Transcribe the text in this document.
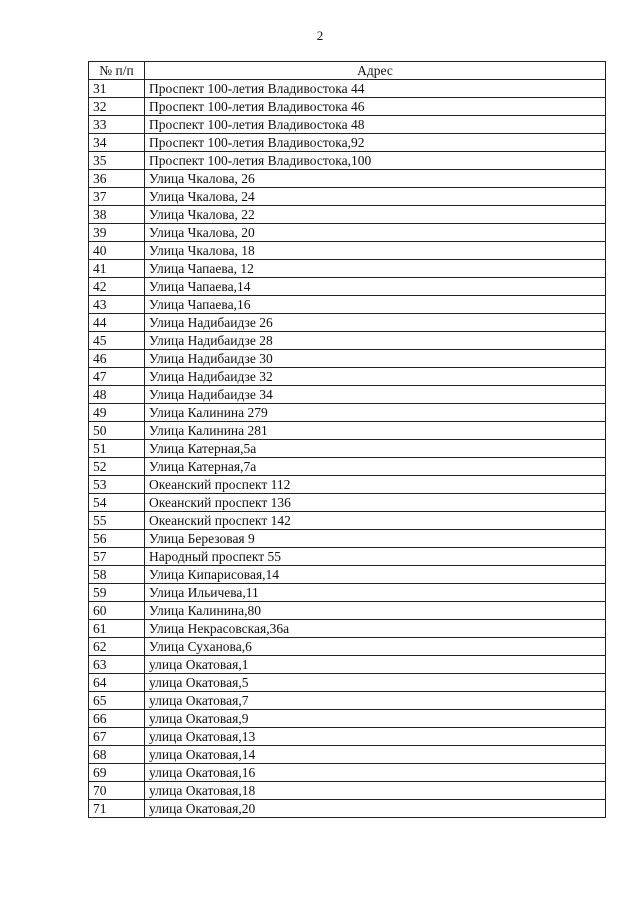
2
№ п/п	Адрес
31	Проспект 100-летия Владивостока 44
32	Проспект 100-летия Владивостока 46
33	Проспект 100-летия Владивостока 48
34	Проспект 100-летия Владивостока,92
35	Проспект 100-летия Владивостока,100
36	Улица Чкалова, 26
37	Улица Чкалова, 24
38	Улица Чкалова, 22
39	Улица Чкалова, 20
40	Улица Чкалова, 18
41	Улица Чапаева, 12
42	Улица Чапаева,14
43	Улица Чапаева,16
44	Улица Надибаидзе 26
45	Улица Надибаидзе 28
46	Улица Надибаидзе 30
47	Улица Надибаидзе 32
48	Улица Надибаидзе 34
49	Улица Калинина 279
50	Улица Калинина 281
51	Улица Катерная,5а
52	Улица Катерная,7а
53	Океанский проспект 112
54	Океанский проспект 136
55	Океанский проспект 142
56	Улица Березовая 9
57	Народный проспект 55
58	Улица Кипарисовая,14
59	Улица Ильичева,11
60	Улица Калинина,80
61	Улица Некрасовская,36а
62	Улица Суханова,6
63	улица Окатовая,1
64	улица Окатовая,5
65	улица Окатовая,7
66	улица Окатовая,9
67	улица Окатовая,13
68	улица Окатовая,14
69	улица Окатовая,16
70	улица Окатовая,18
71	улица Окатовая,20
